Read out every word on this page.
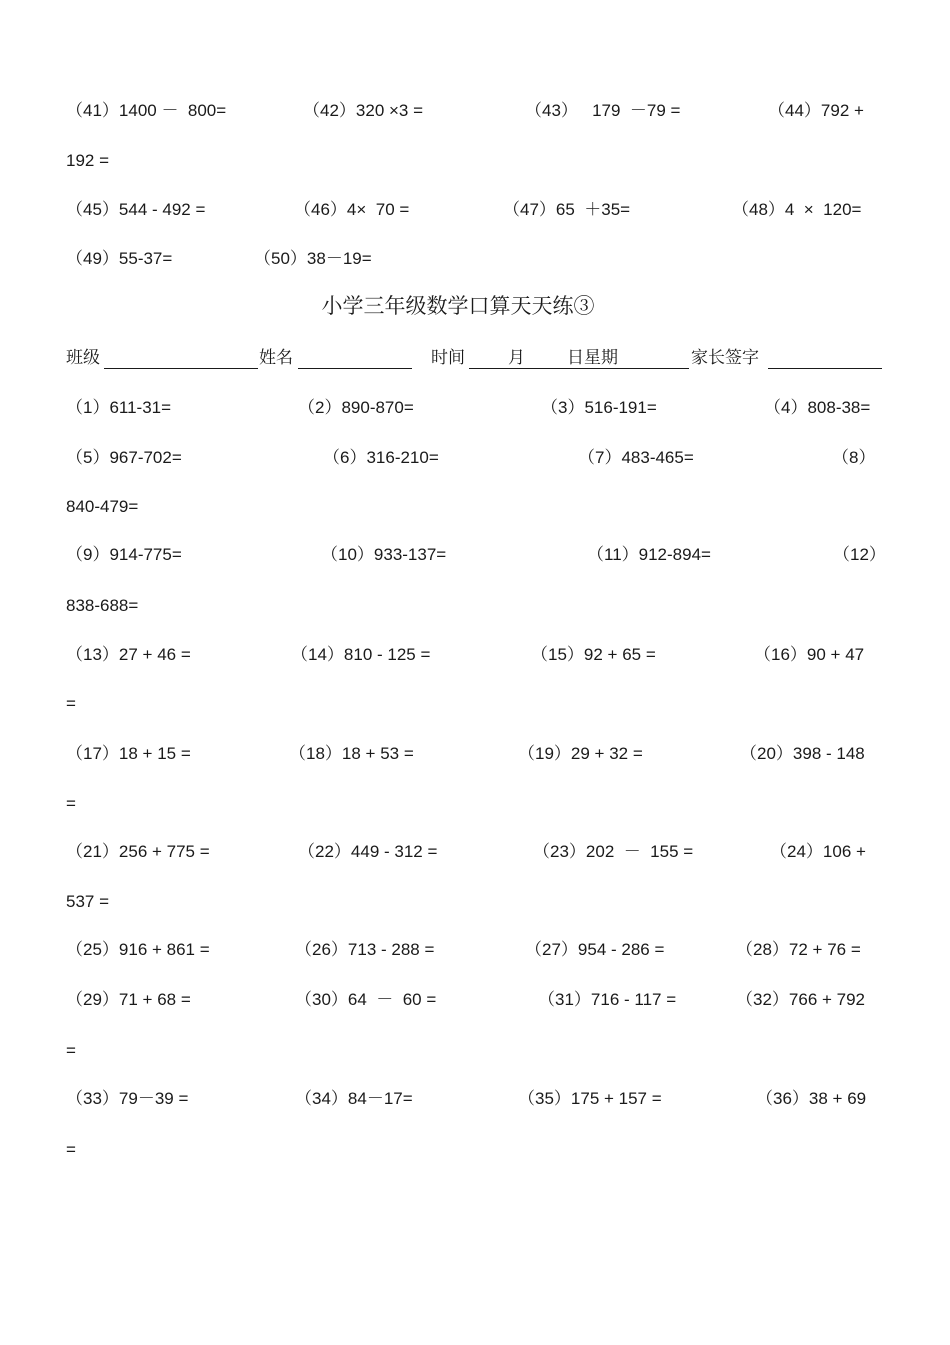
（41）1400 －  800=	（42）320 ×3 =	（43）   179  －79 =	（44）792 +
192 =
（45）544 - 492 =	（46）4×  70 =	（47）65  ＋35=	（48）4  ×  120=
（49）55-37=	（50）38－19=
小学三年级数学口算天天练③
班级	姓名	时间	月 日星期	家长签字
（1）611-31=	（2）890-870=	（3）516-191=	（4）808-38=
（5）967-702=	（6）316-210=	（7）483-465=	（8）
840-479=
（9）914-775=	（10）933-137=	（11）912-894=	（12）
838-688=
（13）27 + 46 =	（14）810 - 125 =	（15）92 + 65 =	（16）90 + 47
=
（17）18 + 15 =	（18）18 + 53 =	（19）29 + 32 =	（20）398 - 148
=
（21）256 + 775 =	（22）449 - 312 =	（23）202  －  155 =	（24）106 +
537 =
（25）916 + 861 =	（26）713 - 288 =	（27）954 - 286 =	（28）72 + 76 =
（29）71 + 68 =	（30）64  －  60 =	（31）716 - 117 =	（32）766 + 792
=
（33）79－39 =	（34）84－17=	（35）175 + 157 =	（36）38 + 69
=
